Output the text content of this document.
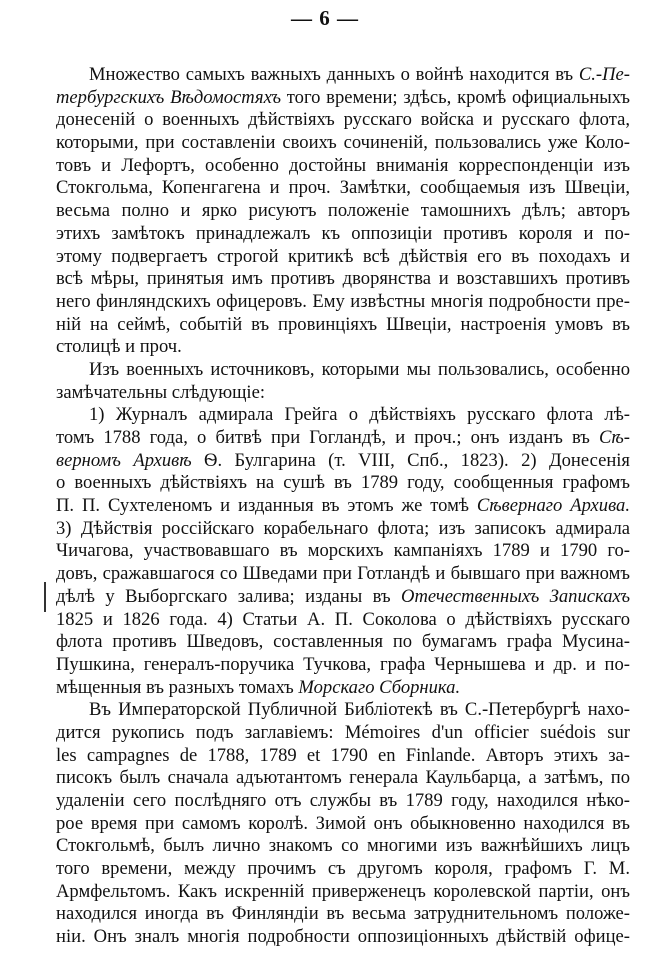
— 6 —
Множество самыхъ важныхъ данныхъ о войнѣ находится въ С.-Пе-
тербургскихъ Вѣдомостяхъ того времени; здѣсь, кромѣ официальныхъ
донесеній о военныхъ дѣйствіяхъ русскаго войска и русскаго флота,
которыми, при составленіи своихъ сочиненій, пользовались уже Коло-
товъ и Лефортъ, особенно достойны вниманія корреспонденціи изъ
Стокгольма, Копенгагена и проч. Замѣтки, сообщаемыя изъ Швеціи,
весьма полно и ярко рисуютъ положеніе тамошнихъ дѣлъ; авторъ
этихъ замѣтокъ принадлежалъ къ оппозиціи противъ короля и по-
этому подвергаетъ строгой критикѣ всѣ дѣйствія его въ походахъ и
всѣ мѣры, принятыя имъ противъ дворянства и возставшихъ противъ
него финляндскихъ офицеровъ. Ему извѣстны многія подробности пре-
ній на сеймѣ, событій въ провинціяхъ Швеціи, настроенія умовъ въ
столицѣ и проч.
Изъ военныхъ источниковъ, которыми мы пользовались, особенно
замѣчательны слѣдующіе:
1) Журналъ адмирала Грейга о дѣйствіяхъ русскаго флота лѣ-
томъ 1788 года, о битвѣ при Гогландѣ, и проч.; онъ изданъ въ Сѣ-
верномъ Архивѣ Ѳ. Булгарина (т. VIII, Спб., 1823). 2) Донесенія
о военныхъ дѣйствіяхъ на сушѣ въ 1789 году, сообщенныя графомъ
П. П. Сухтеленомъ и изданныя въ этомъ же томѣ Сѣвернаго Архива.
3) Дѣйствія россійскаго корабельнаго флота; изъ записокъ адмирала
Чичагова, участвовавшаго въ морскихъ кампаніяхъ 1789 и 1790 го-
довъ, сражавшагося со Шведами при Готландѣ и бывшаго при важномъ
дѣлѣ у Выборгскаго залива; изданы въ Отечественныхъ Запискахъ
1825 и 1826 года. 4) Статьи А. П. Соколова о дѣйствіяхъ русскаго
флота противъ Шведовъ, составленныя по бумагамъ графа Мусина-
Пушкина, генералъ-поручика Тучкова, графа Чернышева и др. и по-
мѣщенныя въ разныхъ томахъ Морскаго Сборника.
Въ Императорской Публичной Библіотекѣ въ С.-Петербургѣ нахо-
дится рукопись подъ заглавіемъ: Mémoires d'un officier suédois sur
les campagnes de 1788, 1789 et 1790 en Finlande. Авторъ этихъ за-
писокъ былъ сначала адъютантомъ генерала Каульбарца, а затѣмъ, по
удаленіи сего послѣдняго отъ службы въ 1789 году, находился нѣко-
рое время при самомъ королѣ. Зимой онъ обыкновенно находился въ
Стокгольмѣ, былъ лично знакомъ со многими изъ важнѣйшихъ лицъ
того времени, между прочимъ съ другомъ короля, графомъ Г. М.
Армфельтомъ. Какъ искренній приверженецъ королевской партіи, онъ
находился иногда въ Финляндіи въ весьма затруднительномъ положе-
ніи. Онъ зналъ многія подробности оппозиціонныхъ дѣйствій офице-
